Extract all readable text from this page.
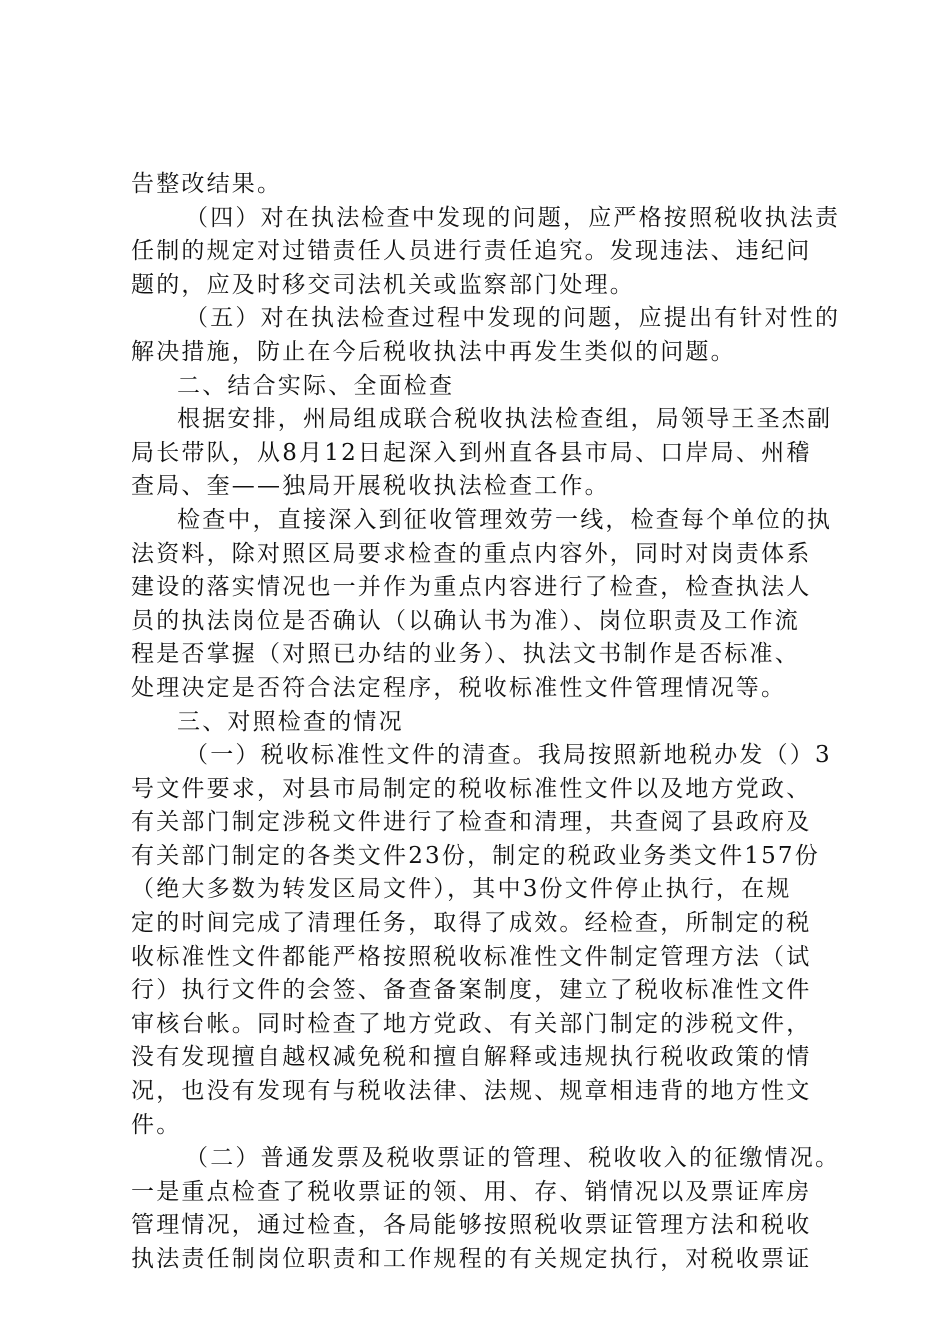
告整改结果。
（四）对在执法检查中发现的问题，应严格按照税收执法责
任制的规定对过错责任人员进行责任追究。发现违法、违纪问
题的，应及时移交司法机关或监察部门处理。
（五）对在执法检查过程中发现的问题，应提出有针对性的
解决措施，防止在今后税收执法中再发生类似的问题。
二、结合实际、全面检查
根据安排，州局组成联合税收执法检查组，局领导王圣杰副
局长带队，从8月12日起深入到州直各县市局、口岸局、州稽
查局、奎——独局开展税收执法检查工作。
检查中，直接深入到征收管理效劳一线，检查每个单位的执
法资料，除对照区局要求检查的重点内容外，同时对岗责体系
建设的落实情况也一并作为重点内容进行了检查，检查执法人
员的执法岗位是否确认（以确认书为准）、岗位职责及工作流
程是否掌握（对照已办结的业务）、执法文书制作是否标准、
处理决定是否符合法定程序，税收标准性文件管理情况等。
三、对照检查的情况
（一）税收标准性文件的清查。我局按照新地税办发（）3
号文件要求，对县市局制定的税收标准性文件以及地方党政、
有关部门制定涉税文件进行了检查和清理，共查阅了县政府及
有关部门制定的各类文件23份，制定的税政业务类文件157份
（绝大多数为转发区局文件），其中3份文件停止执行，在规
定的时间完成了清理任务，取得了成效。经检查，所制定的税
收标准性文件都能严格按照税收标准性文件制定管理方法（试
行）执行文件的会签、备查备案制度，建立了税收标准性文件
审核台帐。同时检查了地方党政、有关部门制定的涉税文件，
没有发现擅自越权减免税和擅自解释或违规执行税收政策的情
况，也没有发现有与税收法律、法规、规章相违背的地方性文
件。
（二）普通发票及税收票证的管理、税收收入的征缴情况。
一是重点检查了税收票证的领、用、存、销情况以及票证库房
管理情况，通过检查，各局能够按照税收票证管理方法和税收
执法责任制岗位职责和工作规程的有关规定执行，对税收票证
